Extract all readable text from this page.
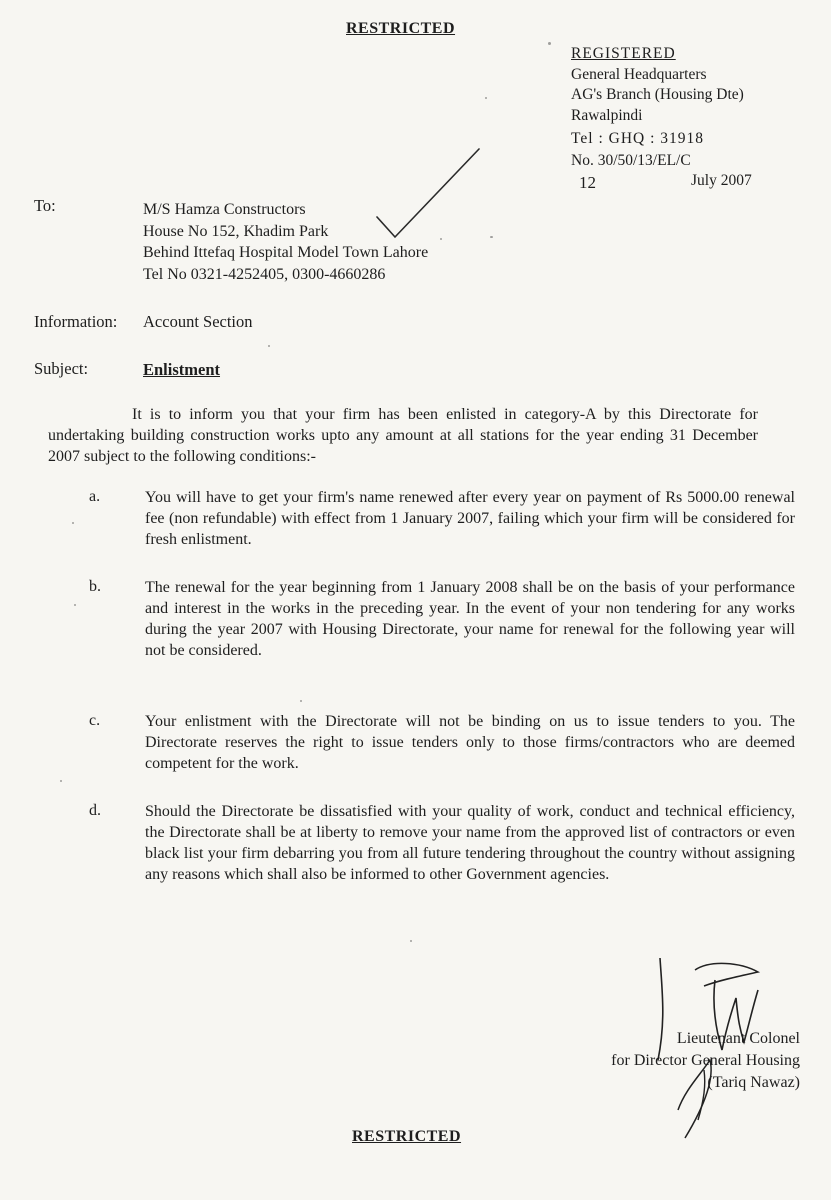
RESTRICTED
REGISTERED
General Headquarters
AG's Branch (Housing Dte)
Rawalpindi
Tel : GHQ : 31918
No. 30/50/13/EL/C
12	July 2007
To:	M/S Hamza Constructors
House No 152, Khadim Park
Behind Ittefaq Hospital Model Town Lahore
Tel No 0321-4252405, 0300-4660286
Information: Account Section
Subject:	Enlistment
It is to inform you that your firm has been enlisted in category-A by this Directorate for undertaking building construction works upto any amount at all stations for the year ending 31 December 2007 subject to the following conditions:-
a.	You will have to get your firm's name renewed after every year on payment of Rs 5000.00 renewal fee (non refundable) with effect from 1 January 2007, failing which your firm will be considered for fresh enlistment.
b.	The renewal for the year beginning from 1 January 2008 shall be on the basis of your performance and interest in the works in the preceding year. In the event of your non tendering for any works during the year 2007 with Housing Directorate, your name for renewal for the following year will not be considered.
c.	Your enlistment with the Directorate will not be binding on us to issue tenders to you. The Directorate reserves the right to issue tenders only to those firms/contractors who are deemed competent for the work.
d.	Should the Directorate be dissatisfied with your quality of work, conduct and technical efficiency, the Directorate shall be at liberty to remove your name from the approved list of contractors or even black list your firm debarring you from all future tendering throughout the country without assigning any reasons which shall also be informed to other Government agencies.
Lieutenant Colonel
for Director General Housing
(Tariq Nawaz)
RESTRICTED
